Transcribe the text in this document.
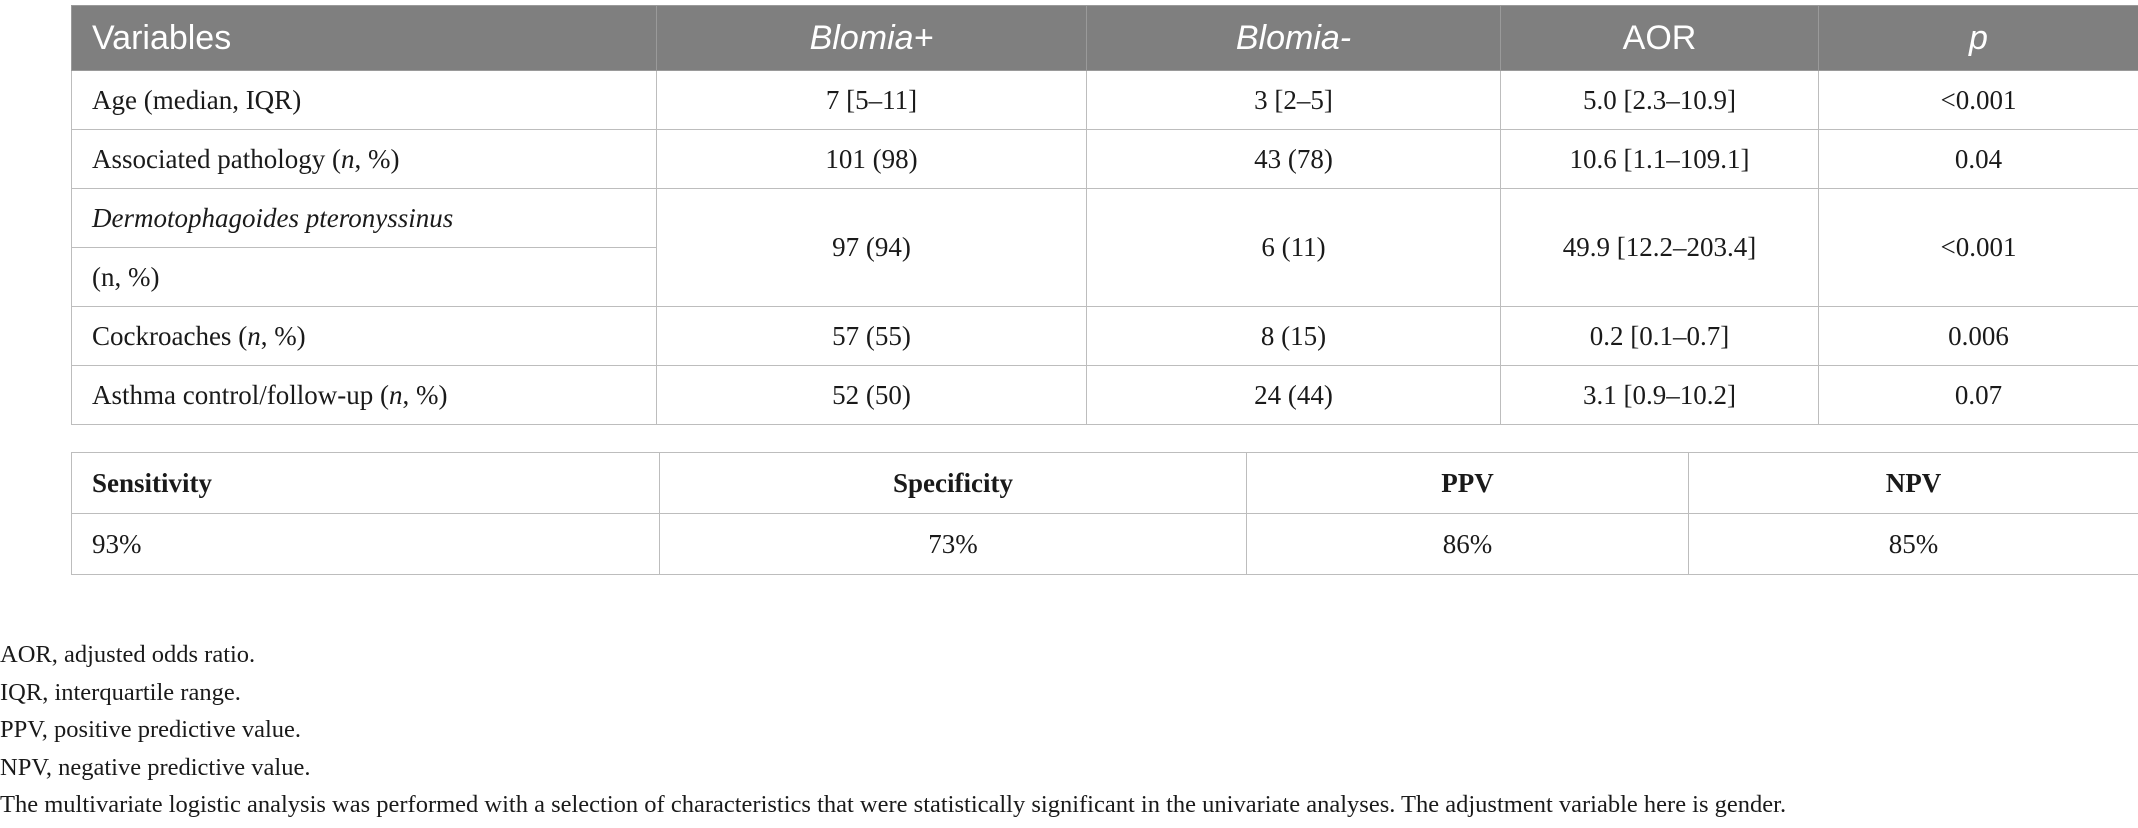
Variables	Blomia+	Blomia-	AOR	p
Age (median, IQR)	7 [5–11]	3 [2–5]	5.0 [2.3–10.9]	<0.001
Associated pathology (n, %)	101 (98)	43 (78)	10.6 [1.1–109.1]	0.04
Dermotophagoides pteronyssinus	97 (94)	6 (11)	49.9 [12.2–203.4]	<0.001
(n, %)				
Cockroaches (n, %)	57 (55)	8 (15)	0.2 [0.1–0.7]	0.006
Asthma control/follow-up (n, %)	52 (50)	24 (44)	3.1 [0.9–10.2]	0.07
Sensitivity	Specificity	PPV	NPV
93%	73%	86%	85%
AOR, adjusted odds ratio.
IQR, interquartile range.
PPV, positive predictive value.
NPV, negative predictive value.
The multivariate logistic analysis was performed with a selection of characteristics that were statistically significant in the univariate analyses. The adjustment variable here is gender.
